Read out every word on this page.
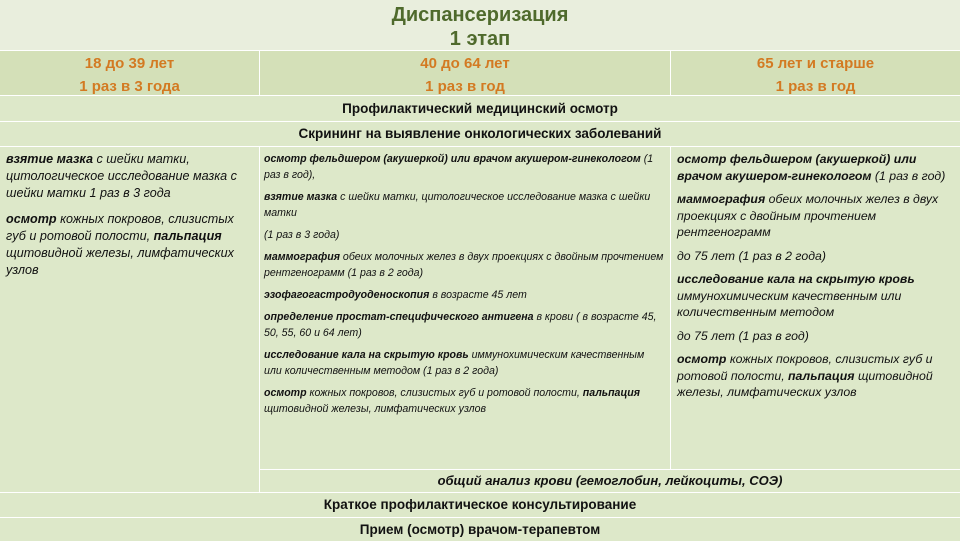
Диспансеризация
1 этап
18 до 39 лет
1 раз в 3 года
40 до 64 лет
1 раз в год
65 лет и старше
1 раз в год
Профилактический медицинский осмотр
Скрининг на выявление онкологических заболеваний

взятие мазка с шейки матки, цитологическое исследование мазка с шейки матки 1 раз в 3 года

осмотр кожных покровов, слизистых губ и ротовой полости, пальпация щитовидной железы, лимфатических узлов

осмотр фельдшером (акушеркой) или врачом акушером-гинекологом (1 раз в год),

взятие мазка с шейки матки, цитологическое исследование мазка с шейки матки

(1 раз в 3 года)

маммография обеих молочных желез в двух проекциях с двойным прочтением рентгенограмм (1 раз в 2 года)

эзофагогастродуоденоскопия в возрасте 45 лет

определение простат-специфического антигена в крови ( в возрасте 45, 50, 55, 60 и 64 лет)

исследование кала на скрытую кровь иммунохимическим качественным или количественным методом (1 раз в 2 года)

осмотр кожных покровов, слизистых губ и ротовой полости, пальпация щитовидной железы, лимфатических узлов

осмотр фельдшером (акушеркой) или врачом акушером-гинекологом (1 раз в год)

маммография обеих молочных желез в двух проекциях с двойным прочтением рентгенограмм

до 75 лет (1 раз в 2 года)

исследование кала на скрытую кровь иммунохимическим качественным или количественным методом

до 75 лет (1 раз в год)

осмотр кожных покровов, слизистых губ и ротовой полости, пальпация щитовидной железы, лимфатических узлов

общий анализ крови (гемоглобин, лейкоциты, СОЭ)
Краткое профилактическое консультирование
Прием (осмотр) врачом-терапевтом
